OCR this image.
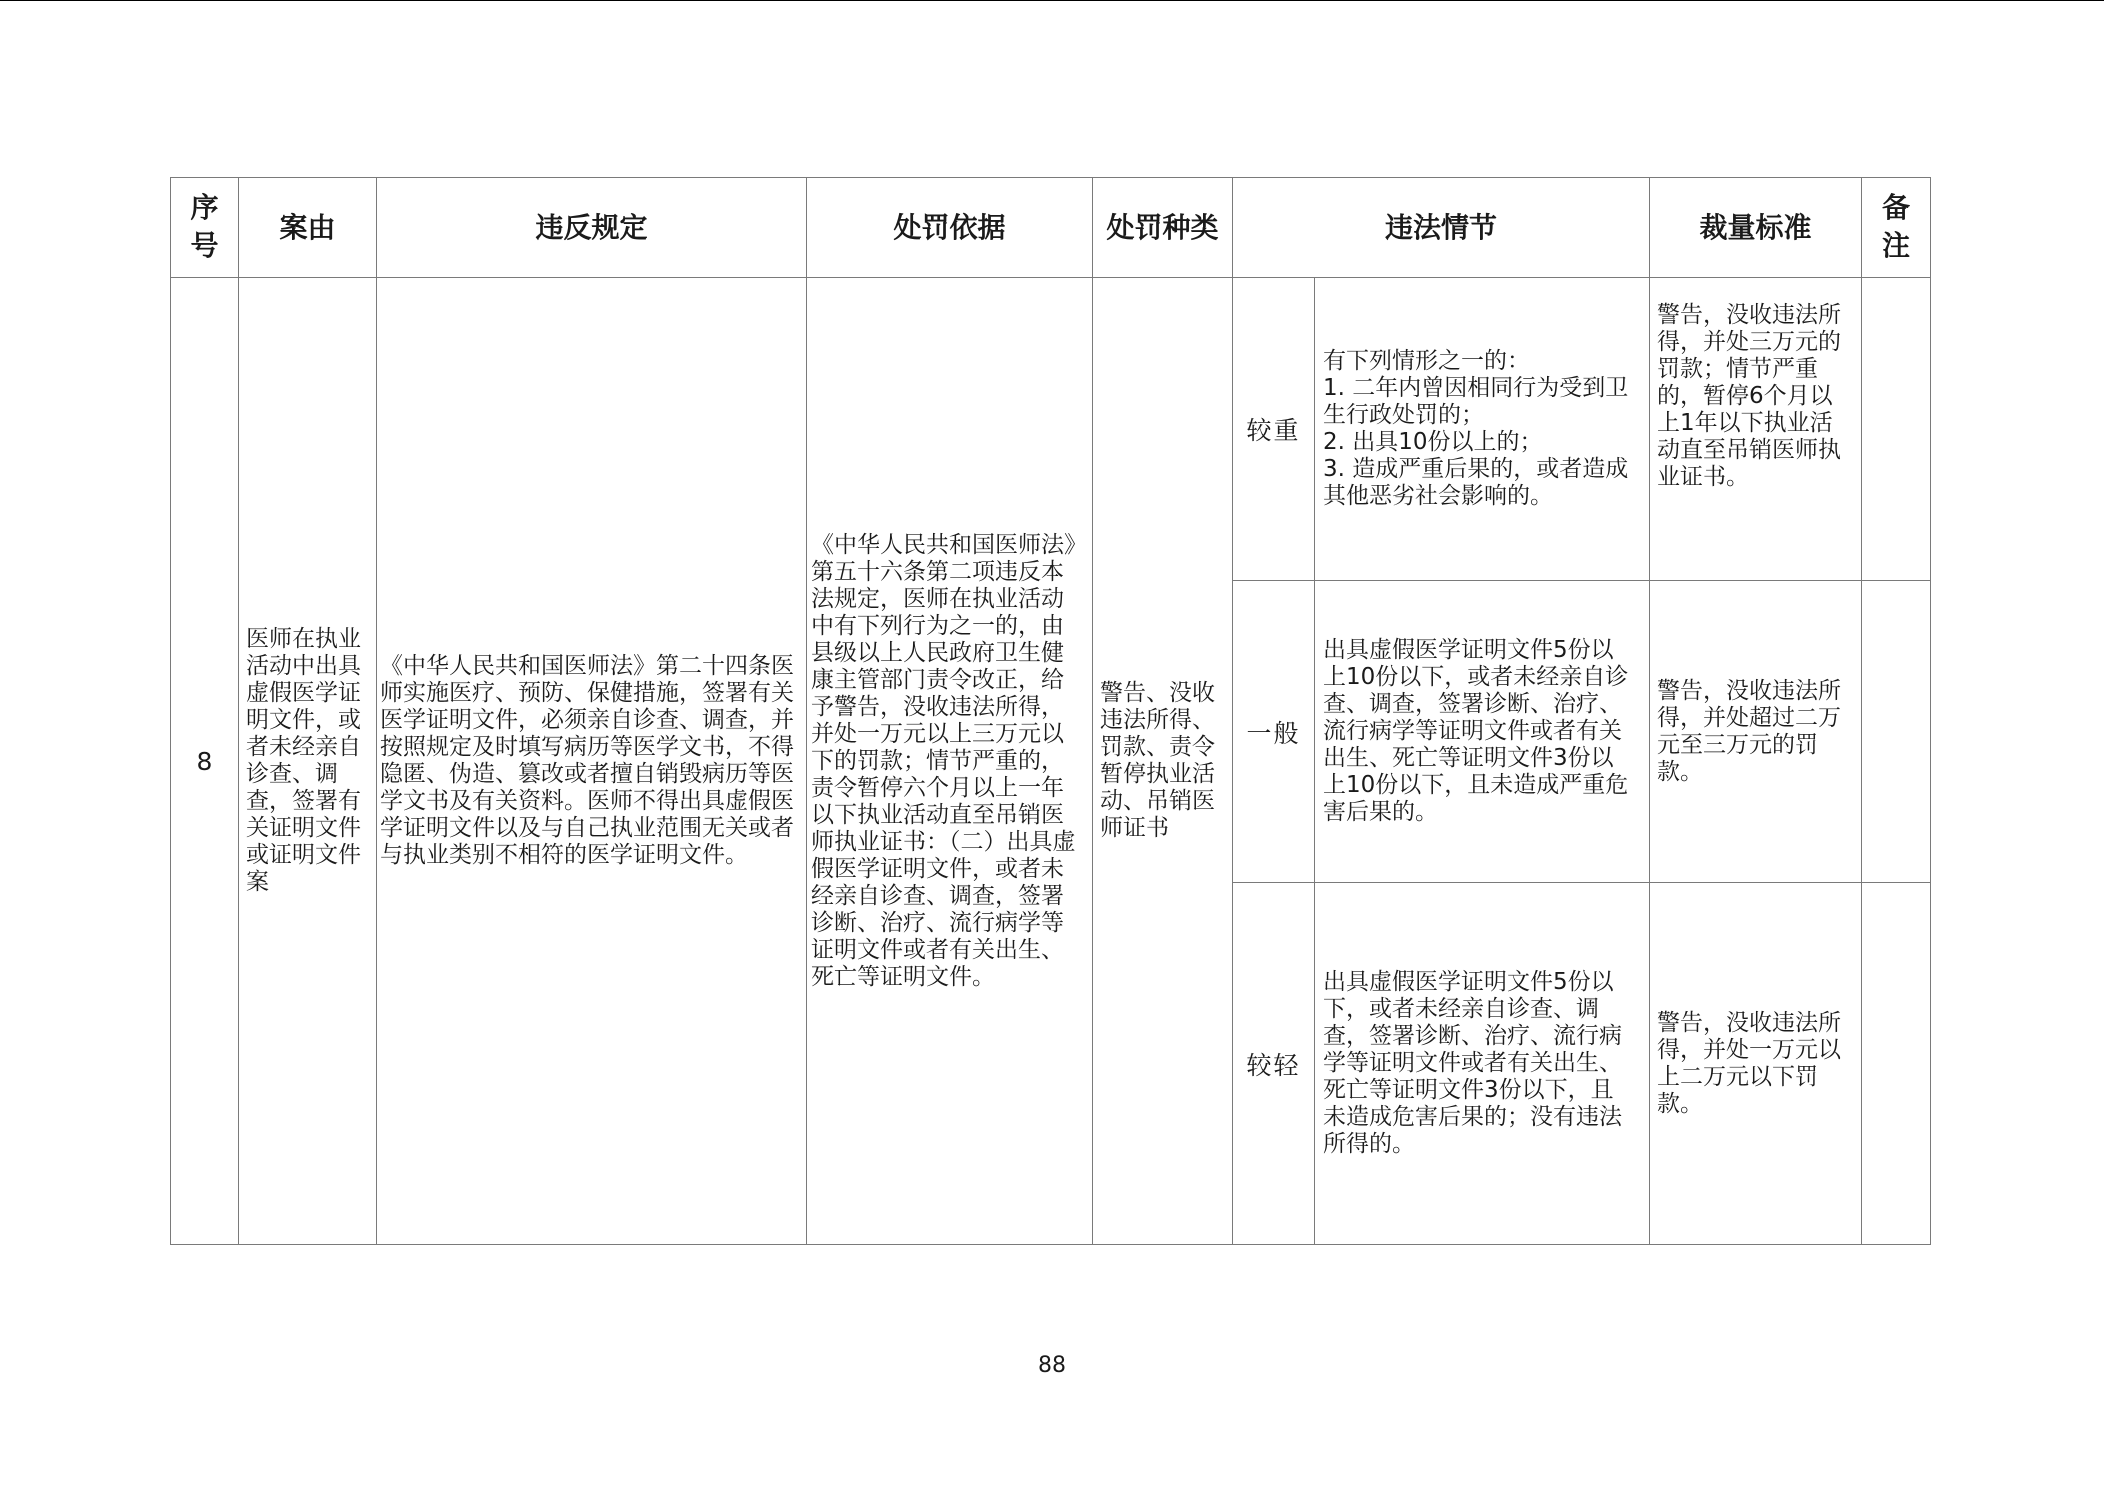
序号	案由	违反规定	处罚依据	处罚种类	违法情节		裁量标准	备注
8	医师在执业活动中出具虚假医学证明文件，或者未经亲自诊查、调查，签署有关证明文件或证明文件案	《中华人民共和国医师法》第二十四条医师实施医疗、预防、保健措施，签署有关医学证明文件，必须亲自诊查、调查，并按照规定及时填写病历等医学文书，不得隐匿、伪造、篡改或者擅自销毁病历等医学文书及有关资料。医师不得出具虚假医学证明文件以及与自己执业范围无关或者与执业类别不相符的医学证明文件。	《中华人民共和国医师法》第五十六条第二项违反本法规定，医师在执业活动中有下列行为之一的，由县级以上人民政府卫生健康主管部门责令改正，给予警告，没收违法所得，并处一万元以上三万元以下的罚款；情节严重的，责令暂停六个月以上一年以下执业活动直至吊销医师执业证书：（二）出具虚假医学证明文件，或者未经亲自诊查、调查，签署诊断、治疗、流行病学等证明文件或者有关出生、死亡等证明文件。	警告、没收违法所得、罚款、责令暂停执业活动、吊销医师证书	较重	有下列情形之一的：
1. 二年内曾因相同行为受到卫生行政处罚的；
2. 出具10份以上的；
3. 造成严重后果的，或者造成其他恶劣社会影响的。	警告，没收违法所得，并处三万元的罚款；情节严重的，暂停6个月以上1年以下执业活动直至吊销医师执业证书。	
					一般	出具虚假医学证明文件5份以上10份以下，或者未经亲自诊查、调查，签署诊断、治疗、流行病学等证明文件或者有关出生、死亡等证明文件3份以上10份以下，且未造成严重危害后果的。	警告，没收违法所得，并处超过二万元至三万元的罚款。	
					较轻	出具虚假医学证明文件5份以下，或者未经亲自诊查、调查，签署诊断、治疗、流行病学等证明文件或者有关出生、死亡等证明文件3份以下，且未造成危害后果的；没有违法所得的。	警告，没收违法所得，并处一万元以上二万元以下罚款。	
88
